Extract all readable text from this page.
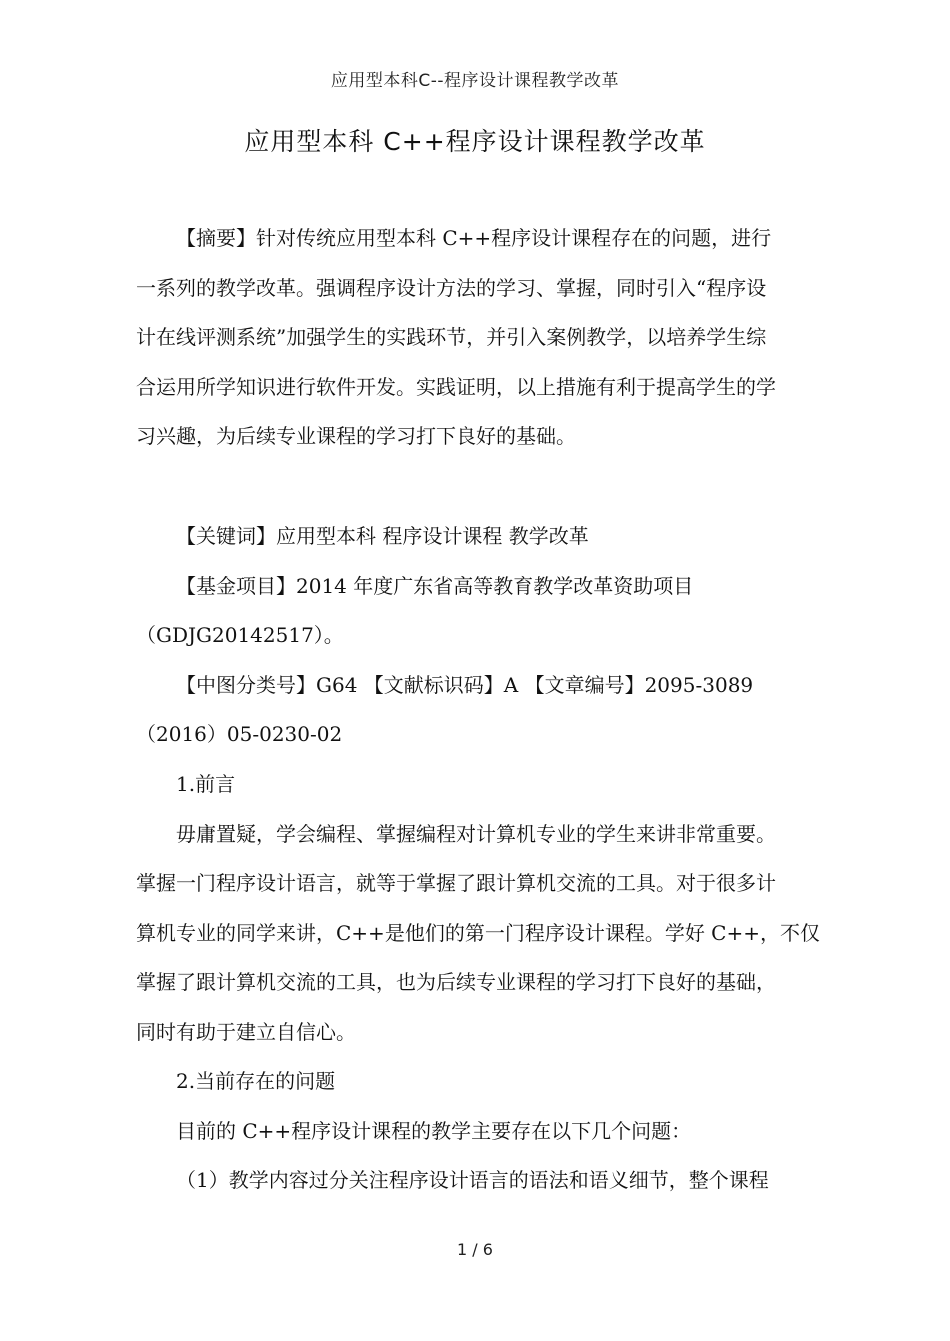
应用型本科C--程序设计课程教学改革
应用型本科 C++程序设计课程教学改革
【摘要】针对传统应用型本科 C++程序设计课程存在的问题，进行
一系列的教学改革。强调程序设计方法的学习、掌握，同时引入“程序设
计在线评测系统”加强学生的实践环节，并引入案例教学，以培养学生综
合运用所学知识进行软件开发。实践证明，以上措施有利于提高学生的学
习兴趣，为后续专业课程的学习打下良好的基础。
【关键词】应用型本科 程序设计课程 教学改革
【基金项目】2014 年度广东省高等教育教学改革资助项目
（GDJG20142517）。
【中图分类号】G64 【文献标识码】A 【文章编号】2095-3089
（2016）05-0230-02
1.前言
毋庸置疑，学会编程、掌握编程对计算机专业的学生来讲非常重要。
掌握一门程序设计语言，就等于掌握了跟计算机交流的工具。对于很多计
算机专业的同学来讲，C++是他们的第一门程序设计课程。学好 C++，不仅
掌握了跟计算机交流的工具，也为后续专业课程的学习打下良好的基础，
同时有助于建立自信心。
2.当前存在的问题
目前的 C++程序设计课程的教学主要存在以下几个问题：
（1）教学内容过分关注程序设计语言的语法和语义细节，整个课程
1 / 6
